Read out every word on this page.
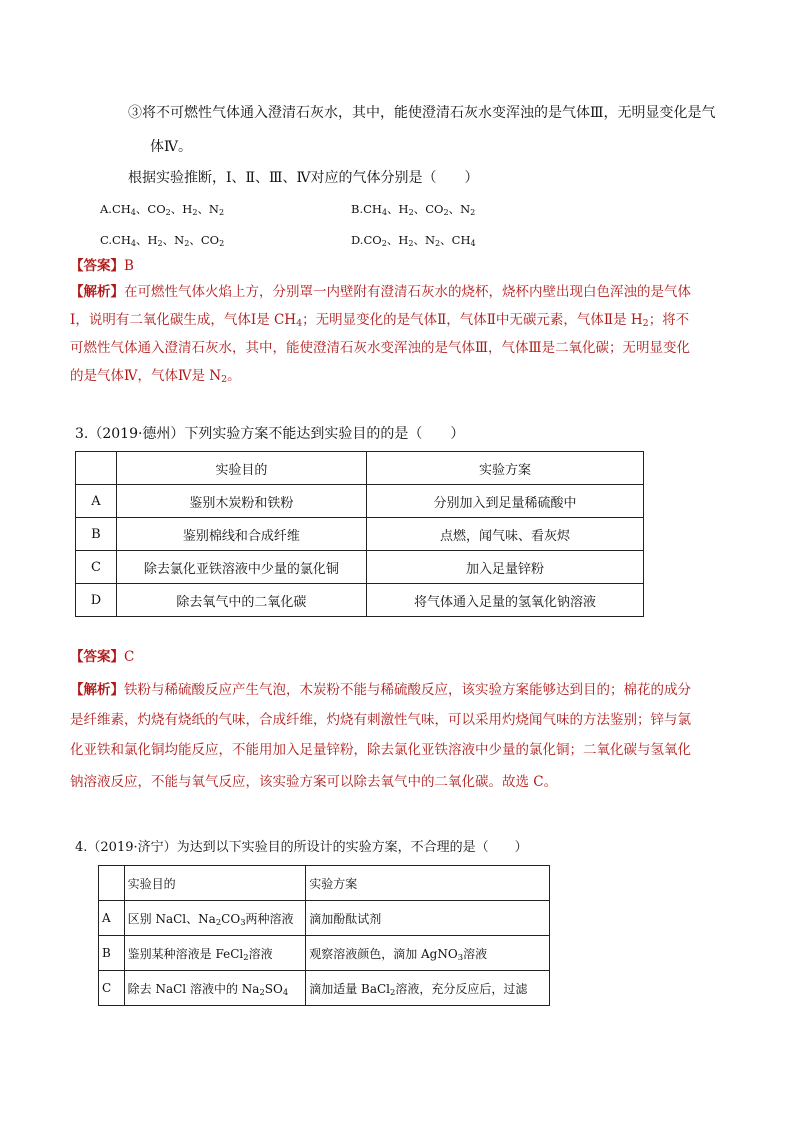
③将不可燃性气体通入澄清石灰水，其中，能使澄清石灰水变浑浊的是气体Ⅲ，无明显变化是气
体Ⅳ。
根据实验推断，Ⅰ、Ⅱ、Ⅲ、Ⅳ对应的气体分别是（　　）
$A.CH_4$、$CO_2$、$H_2$、$N_2$	$B.CH_4$、$H_2$、$CO_2$、$N_2$
$C.CH_4$、$H_2$、$N_2$、$CO_2$	$D.CO_2$、$H_2$、$N_2$、$CH_4$
【答案】B
【解析】在可燃性气体火焰上方，分别罩一内壁附有澄清石灰水的烧杯，烧杯内壁出现白色浑浊的是气体
Ⅰ，说明有二氧化碳生成，气体Ⅰ是 $CH_4$；无明显变化的是气体Ⅱ，气体Ⅱ中无碳元素，气体Ⅱ是 $H_2$；将不
可燃性气体通入澄清石灰水，其中，能使澄清石灰水变浑浊的是气体Ⅲ，气体Ⅲ是二氧化碳；无明显变化
的是气体Ⅳ，气体Ⅳ是 $N_2$。
3.（2019·德州）下列实验方案不能达到实验目的的是（　　）
	实验目的	实验方案
A	鉴别木炭粉和铁粉	分别加入到足量稀硫酸中
B	鉴别棉线和合成纤维	点燃，闻气味、看灰烬
C	除去氯化亚铁溶液中少量的氯化铜	加入足量锌粉
D	除去氧气中的二氧化碳	将气体通入足量的氢氧化钠溶液
【答案】C
【解析】铁粉与稀硫酸反应产生气泡，木炭粉不能与稀硫酸反应，该实验方案能够达到目的；棉花的成分
是纤维素，灼烧有烧纸的气味，合成纤维，灼烧有刺激性气味，可以采用灼烧闻气味的方法鉴别；锌与氯
化亚铁和氯化铜均能反应，不能用加入足量锌粉，除去氯化亚铁溶液中少量的氯化铜；二氧化碳与氢氧化
钠溶液反应，不能与氧气反应，该实验方案可以除去氧气中的二氧化碳。故选 C。
4.（2019·济宁）为达到以下实验目的所设计的实验方案，不合理的是（　　）
	实验目的	实验方案
A	区别 NaCl、$Na_2CO_3$两种溶液	滴加酚酞试剂
B	鉴别某种溶液是 FeCl$_2$溶液	观察溶液颜色，滴加 AgNO$_3$溶液
C	除去 NaCl 溶液中的 $Na_2SO_4$	滴加适量 BaCl$_2$溶液，充分反应后，过滤
